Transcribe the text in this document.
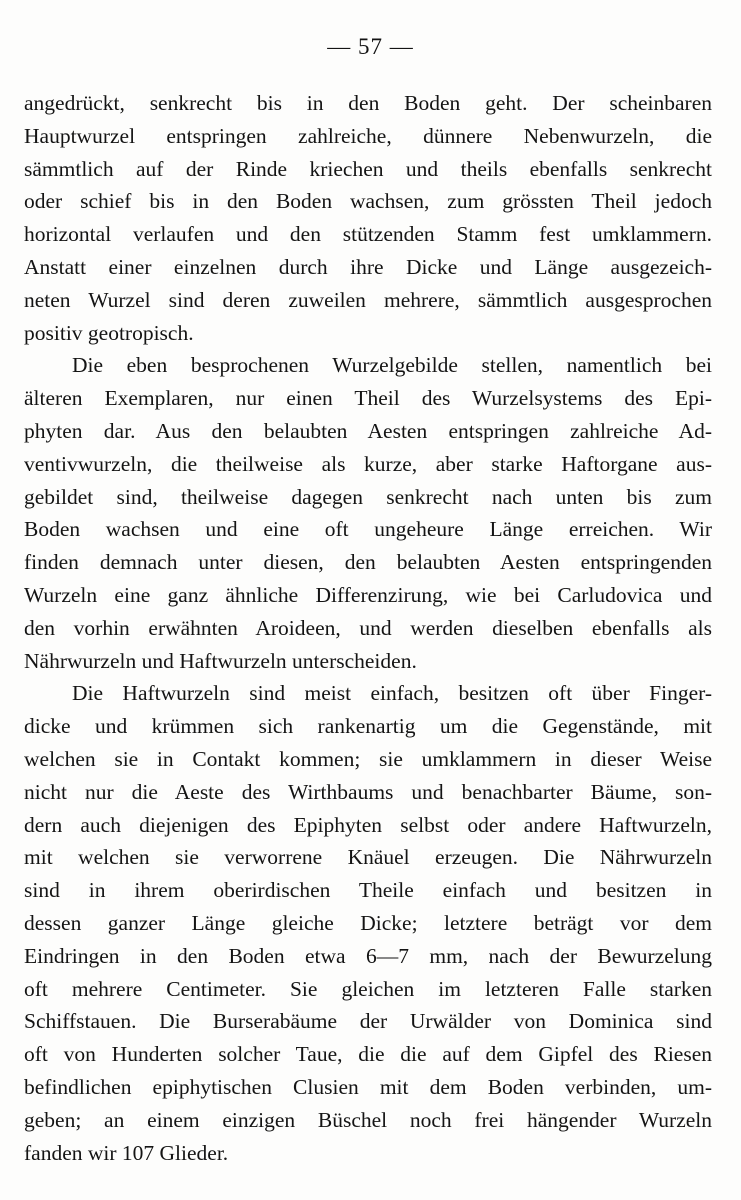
— 57 —
angedrückt, senkrecht bis in den Boden geht. Der scheinbaren
Hauptwurzel entspringen zahlreiche, dünnere Nebenwurzeln, die
sämmtlich auf der Rinde kriechen und theils ebenfalls senkrecht
oder schief bis in den Boden wachsen, zum grössten Theil jedoch
horizontal verlaufen und den stützenden Stamm fest umklammern.
Anstatt einer einzelnen durch ihre Dicke und Länge ausgezeich-
neten Wurzel sind deren zuweilen mehrere, sämmtlich ausgesprochen
positiv geotropisch.
Die eben besprochenen Wurzelgebilde stellen, namentlich bei
älteren Exemplaren, nur einen Theil des Wurzelsystems des Epi-
phyten dar. Aus den belaubten Aesten entspringen zahlreiche Ad-
ventivwurzeln, die theilweise als kurze, aber starke Haftorgane aus-
gebildet sind, theilweise dagegen senkrecht nach unten bis zum
Boden wachsen und eine oft ungeheure Länge erreichen. Wir
finden demnach unter diesen, den belaubten Aesten entspringenden
Wurzeln eine ganz ähnliche Differenzirung, wie bei Carludovica und
den vorhin erwähnten Aroideen, und werden dieselben ebenfalls als
Nährwurzeln und Haftwurzeln unterscheiden.
Die Haftwurzeln sind meist einfach, besitzen oft über Finger-
dicke und krümmen sich rankenartig um die Gegenstände, mit
welchen sie in Contakt kommen; sie umklammern in dieser Weise
nicht nur die Aeste des Wirthbaums und benachbarter Bäume, son-
dern auch diejenigen des Epiphyten selbst oder andere Haftwurzeln,
mit welchen sie verworrene Knäuel erzeugen. Die Nährwurzeln
sind in ihrem oberirdischen Theile einfach und besitzen in
dessen ganzer Länge gleiche Dicke; letztere beträgt vor dem
Eindringen in den Boden etwa 6—7 mm, nach der Bewurzelung
oft mehrere Centimeter. Sie gleichen im letzteren Falle starken
Schiffstauen. Die Burserabäume der Urwälder von Dominica sind
oft von Hunderten solcher Taue, die die auf dem Gipfel des Riesen
befindlichen epiphytischen Clusien mit dem Boden verbinden, um-
geben; an einem einzigen Büschel noch frei hängender Wurzeln
fanden wir 107 Glieder.
